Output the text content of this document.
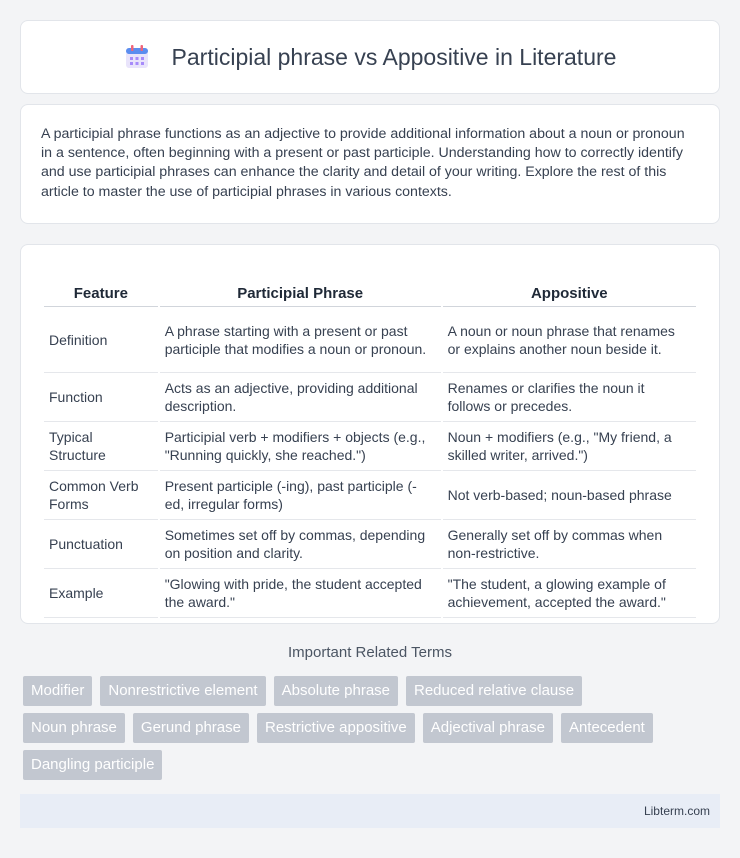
Participial phrase vs Appositive in Literature

A participial phrase functions as an adjective to provide additional information about a noun or pronoun in a sentence, often beginning with a present or past participle. Understanding how to correctly identify and use participial phrases can enhance the clarity and detail of your writing. Explore the rest of this article to master the use of participial phrases in various contexts.

Feature	Participial Phrase	Appositive
Definition	A phrase starting with a present or past participle that modifies a noun or pronoun.	A noun or noun phrase that renames or explains another noun beside it.
Function	Acts as an adjective, providing additional description.	Renames or clarifies the noun it follows or precedes.
Typical Structure	Participial verb + modifiers + objects (e.g., "Running quickly, she reached.")	Noun + modifiers (e.g., "My friend, a skilled writer, arrived.")
Common Verb Forms	Present participle (-ing), past participle (-ed, irregular forms)	Not verb-based; noun-based phrase
Punctuation	Sometimes set off by commas, depending on position and clarity.	Generally set off by commas when non-restrictive.
Example	"Glowing with pride, the student accepted the award."	"The student, a glowing example of achievement, accepted the award."
Important Related Terms
Modifier	Nonrestrictive element	Absolute phrase	Reduced relative clause
Noun phrase	Gerund phrase	Restrictive appositive	Adjectival phrase	Antecedent
Dangling participle
Libterm.com
